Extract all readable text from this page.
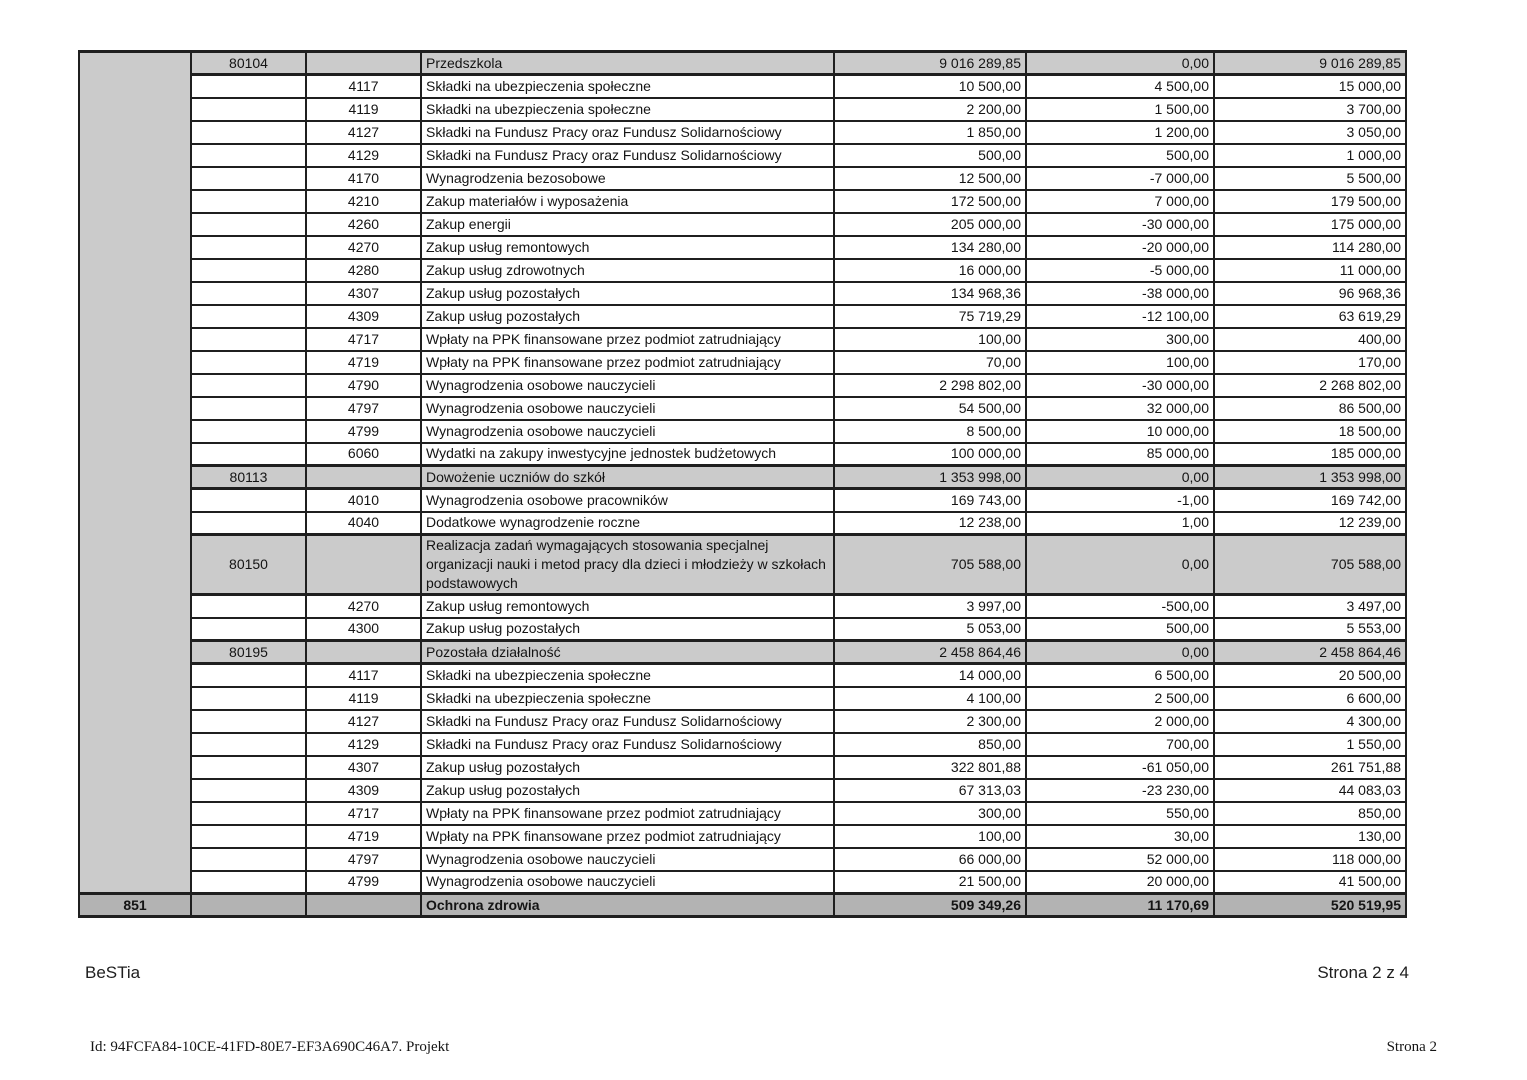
	80104		Przedszkola	9 016 289,85	0,00	9 016 289,85
		4117	Składki na ubezpieczenia społeczne	10 500,00	4 500,00	15 000,00
		4119	Składki na ubezpieczenia społeczne	2 200,00	1 500,00	3 700,00
		4127	Składki na Fundusz Pracy oraz Fundusz Solidarnościowy	1 850,00	1 200,00	3 050,00
		4129	Składki na Fundusz Pracy oraz Fundusz Solidarnościowy	500,00	500,00	1 000,00
		4170	Wynagrodzenia bezosobowe	12 500,00	-7 000,00	5 500,00
		4210	Zakup materiałów i wyposażenia	172 500,00	7 000,00	179 500,00
		4260	Zakup energii	205 000,00	-30 000,00	175 000,00
		4270	Zakup usług remontowych	134 280,00	-20 000,00	114 280,00
		4280	Zakup usług zdrowotnych	16 000,00	-5 000,00	11 000,00
		4307	Zakup usług pozostałych	134 968,36	-38 000,00	96 968,36
		4309	Zakup usług pozostałych	75 719,29	-12 100,00	63 619,29
		4717	Wpłaty na PPK finansowane przez podmiot zatrudniający	100,00	300,00	400,00
		4719	Wpłaty na PPK finansowane przez podmiot zatrudniający	70,00	100,00	170,00
		4790	Wynagrodzenia osobowe nauczycieli	2 298 802,00	-30 000,00	2 268 802,00
		4797	Wynagrodzenia osobowe nauczycieli	54 500,00	32 000,00	86 500,00
		4799	Wynagrodzenia osobowe nauczycieli	8 500,00	10 000,00	18 500,00
		6060	Wydatki na zakupy inwestycyjne jednostek budżetowych	100 000,00	85 000,00	185 000,00
	80113		Dowożenie uczniów do szkół	1 353 998,00	0,00	1 353 998,00
		4010	Wynagrodzenia osobowe pracowników	169 743,00	-1,00	169 742,00
		4040	Dodatkowe wynagrodzenie roczne	12 238,00	1,00	12 239,00
	80150		Realizacja zadań wymagających stosowania specjalnej organizacji nauki i metod pracy dla dzieci i młodzieży w szkołach podstawowych	705 588,00	0,00	705 588,00
		4270	Zakup usług remontowych	3 997,00	-500,00	3 497,00
		4300	Zakup usług pozostałych	5 053,00	500,00	5 553,00
	80195		Pozostała działalność	2 458 864,46	0,00	2 458 864,46
		4117	Składki na ubezpieczenia społeczne	14 000,00	6 500,00	20 500,00
		4119	Składki na ubezpieczenia społeczne	4 100,00	2 500,00	6 600,00
		4127	Składki na Fundusz Pracy oraz Fundusz Solidarnościowy	2 300,00	2 000,00	4 300,00
		4129	Składki na Fundusz Pracy oraz Fundusz Solidarnościowy	850,00	700,00	1 550,00
		4307	Zakup usług pozostałych	322 801,88	-61 050,00	261 751,88
		4309	Zakup usług pozostałych	67 313,03	-23 230,00	44 083,03
		4717	Wpłaty na PPK finansowane przez podmiot zatrudniający	300,00	550,00	850,00
		4719	Wpłaty na PPK finansowane przez podmiot zatrudniający	100,00	30,00	130,00
		4797	Wynagrodzenia osobowe nauczycieli	66 000,00	52 000,00	118 000,00
		4799	Wynagrodzenia osobowe nauczycieli	21 500,00	20 000,00	41 500,00
851			Ochrona zdrowia	509 349,26	11 170,69	520 519,95
BeSTia	Strona 2 z 4
Id: 94FCFA84-10CE-41FD-80E7-EF3A690C46A7. Projekt	Strona 2
